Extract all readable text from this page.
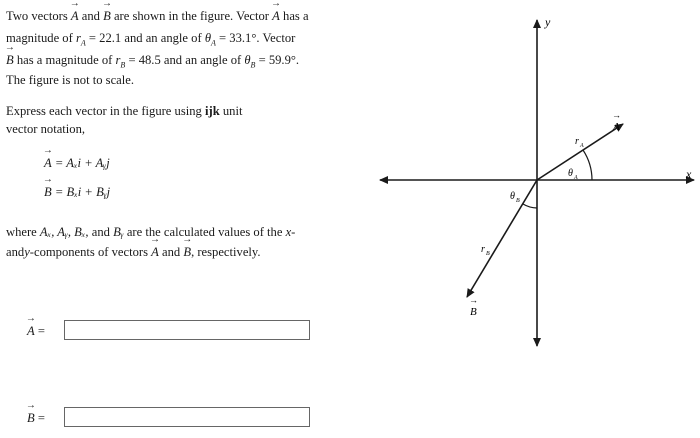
Two vectors → A and → B are shown in the figure. Vector → A has a
magnitude of $r_A = 22.1$ and an angle of $\theta_A = 33.1^\circ$. Vector
→ B has a magnitude of $r_B = 48.5$ and an angle of $\theta_B = 59.9^\circ$.
The figure is not to scale.
Express each vector in the figure using ijk unit
vector notation,
→ A = Aₓi + Aᵧj
→ B = Bₓi + Bᵧj
where Aₓ, Aᵧ, Bₓ, and Bᵧ are the calculated values of the x-
andy-components of vectors → A and → B, respectively.
→ A =
→ B =
x
y
A
→
B
→
r A
r B
θ A
θ B
